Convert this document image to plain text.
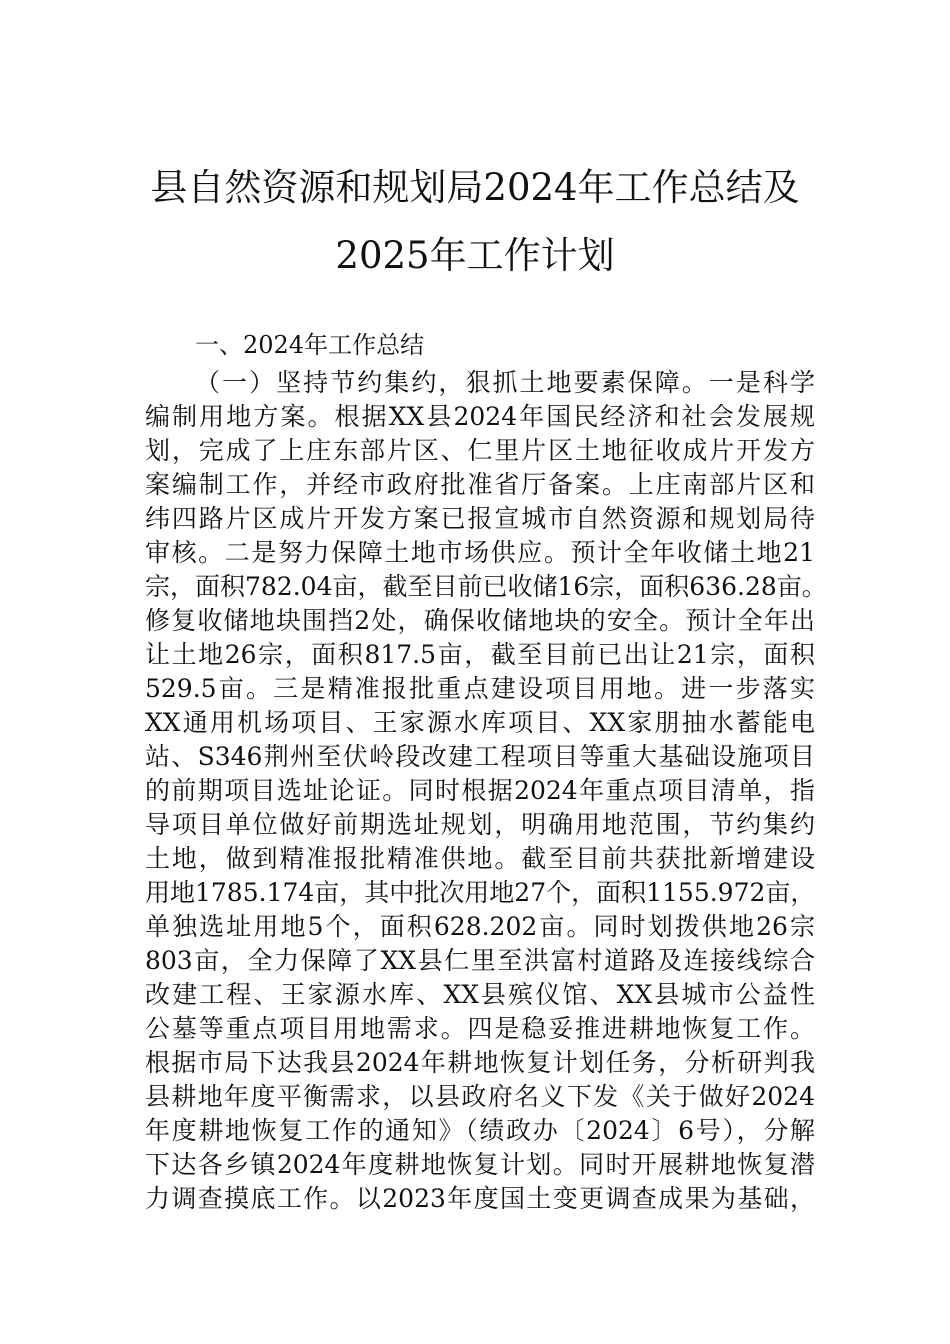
县自然资源和规划局2024年工作总结及
2025年工作计划

一、2024年工作总结

（一）坚持节约集约，狠抓土地要素保障。一是科学

编制用地方案。根据XX县2024年国民经济和社会发展规

划，完成了上庄东部片区、仁里片区土地征收成片开发方

案编制工作，并经市政府批准省厅备案。上庄南部片区和

纬四路片区成片开发方案已报宣城市自然资源和规划局待

审核。二是努力保障土地市场供应。预计全年收储土地21

宗，面积782.04亩，截至目前已收储16宗，面积636.28亩。

修复收储地块围挡2处，确保收储地块的安全。预计全年出

让土地26宗，面积817.5亩，截至目前已出让21宗，面积

529.5亩。三是精准报批重点建设项目用地。进一步落实

XX通用机场项目、王家源水库项目、XX家朋抽水蓄能电

站、S346荆州至伏岭段改建工程项目等重大基础设施项目

的前期项目选址论证。同时根据2024年重点项目清单，指

导项目单位做好前期选址规划，明确用地范围，节约集约

土地，做到精准报批精准供地。截至目前共获批新增建设

用地1785.174亩，其中批次用地27个，面积1155.972亩，

单独选址用地5个，面积628.202亩。同时划拨供地26宗

803亩，全力保障了XX县仁里至洪富村道路及连接线综合

改建工程、王家源水库、XX县殡仪馆、XX县城市公益性

公墓等重点项目用地需求。四是稳妥推进耕地恢复工作。

根据市局下达我县2024年耕地恢复计划任务，分析研判我

县耕地年度平衡需求，以县政府名义下发《关于做好2024

年度耕地恢复工作的通知》（绩政办〔2024〕6号），分解

下达各乡镇2024年度耕地恢复计划。同时开展耕地恢复潜

力调查摸底工作。以2023年度国土变更调查成果为基础，
